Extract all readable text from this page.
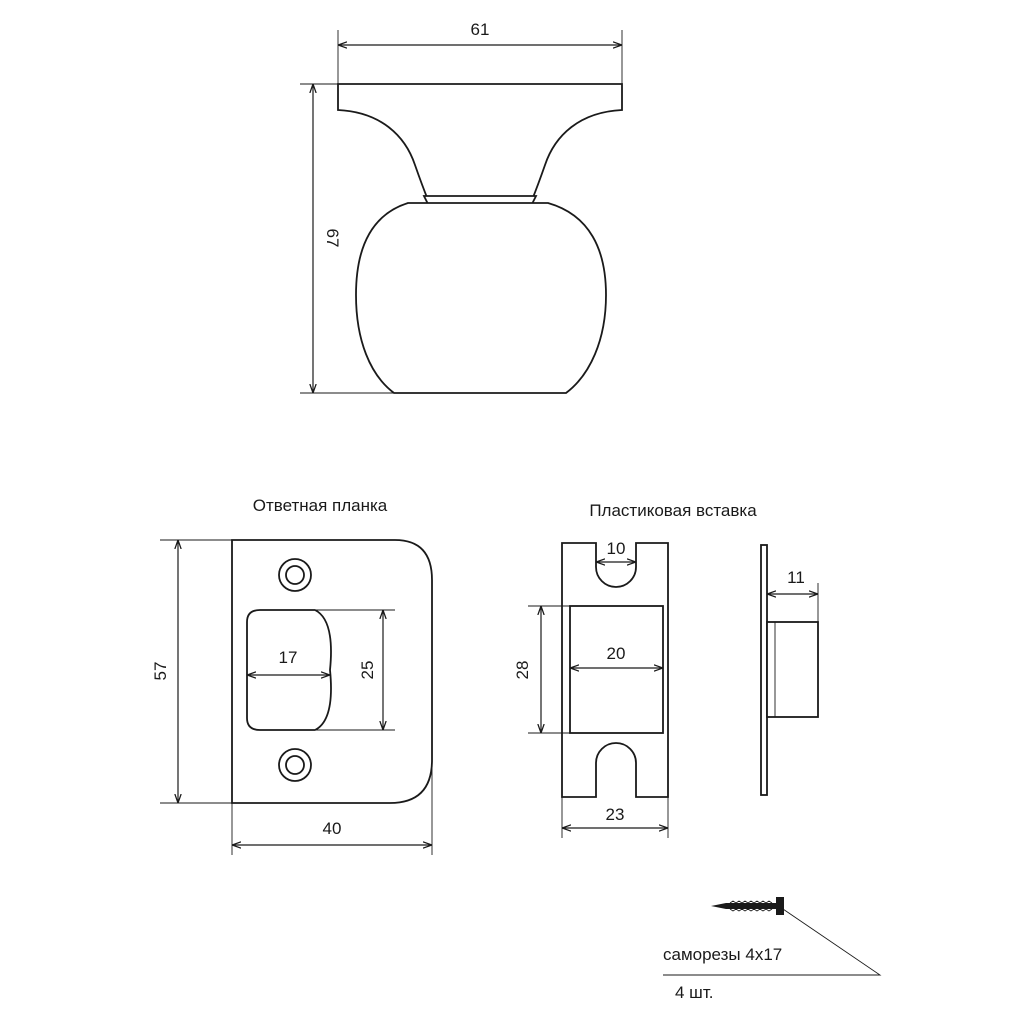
61
67
Ответная планка
17
25
57
40
Пластиковая вставка
10
20
28
23
11
саморезы 4х17
4 шт.
